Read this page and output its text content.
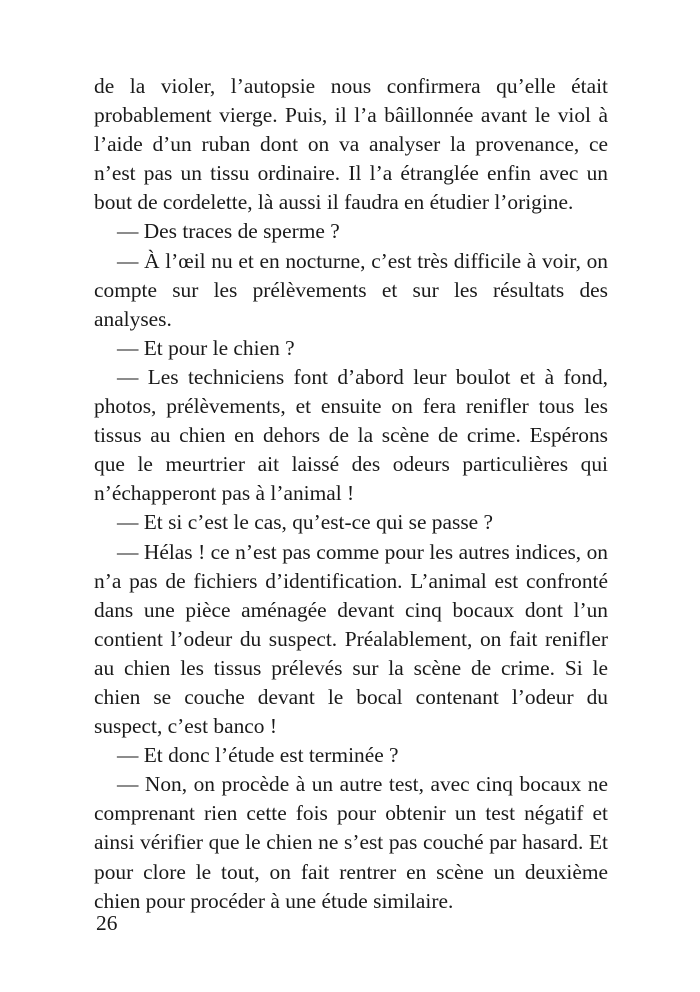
de la violer, l’autopsie nous confirmera qu’elle était probablement vierge. Puis, il l’a bâillonnée avant le viol à l’aide d’un ruban dont on va analyser la provenance, ce n’est pas un tissu ordinaire. Il l’a étranglée enfin avec un bout de cordelette, là aussi il faudra en étudier l’origine.

— Des traces de sperme ?

— À l’œil nu et en nocturne, c’est très difficile à voir, on compte sur les prélèvements et sur les résultats des analyses.

— Et pour le chien ?

— Les techniciens font d’abord leur boulot et à fond, photos, prélèvements, et ensuite on fera renifler tous les tissus au chien en dehors de la scène de crime. Espérons que le meurtrier ait laissé des odeurs particulières qui n’échapperont pas à l’animal !

— Et si c’est le cas, qu’est-ce qui se passe ?

— Hélas ! ce n’est pas comme pour les autres indices, on n’a pas de fichiers d’identification. L’animal est confronté dans une pièce aménagée devant cinq bocaux dont l’un contient l’odeur du suspect. Préalablement, on fait renifler au chien les tissus prélevés sur la scène de crime. Si le chien se couche devant le bocal contenant l’odeur du suspect, c’est banco !

— Et donc l’étude est terminée ?

— Non, on procède à un autre test, avec cinq bocaux ne comprenant rien cette fois pour obtenir un test négatif et ainsi vérifier que le chien ne s’est pas couché par hasard. Et pour clore le tout, on fait rentrer en scène un deuxième chien pour procéder à une étude similaire.

26
